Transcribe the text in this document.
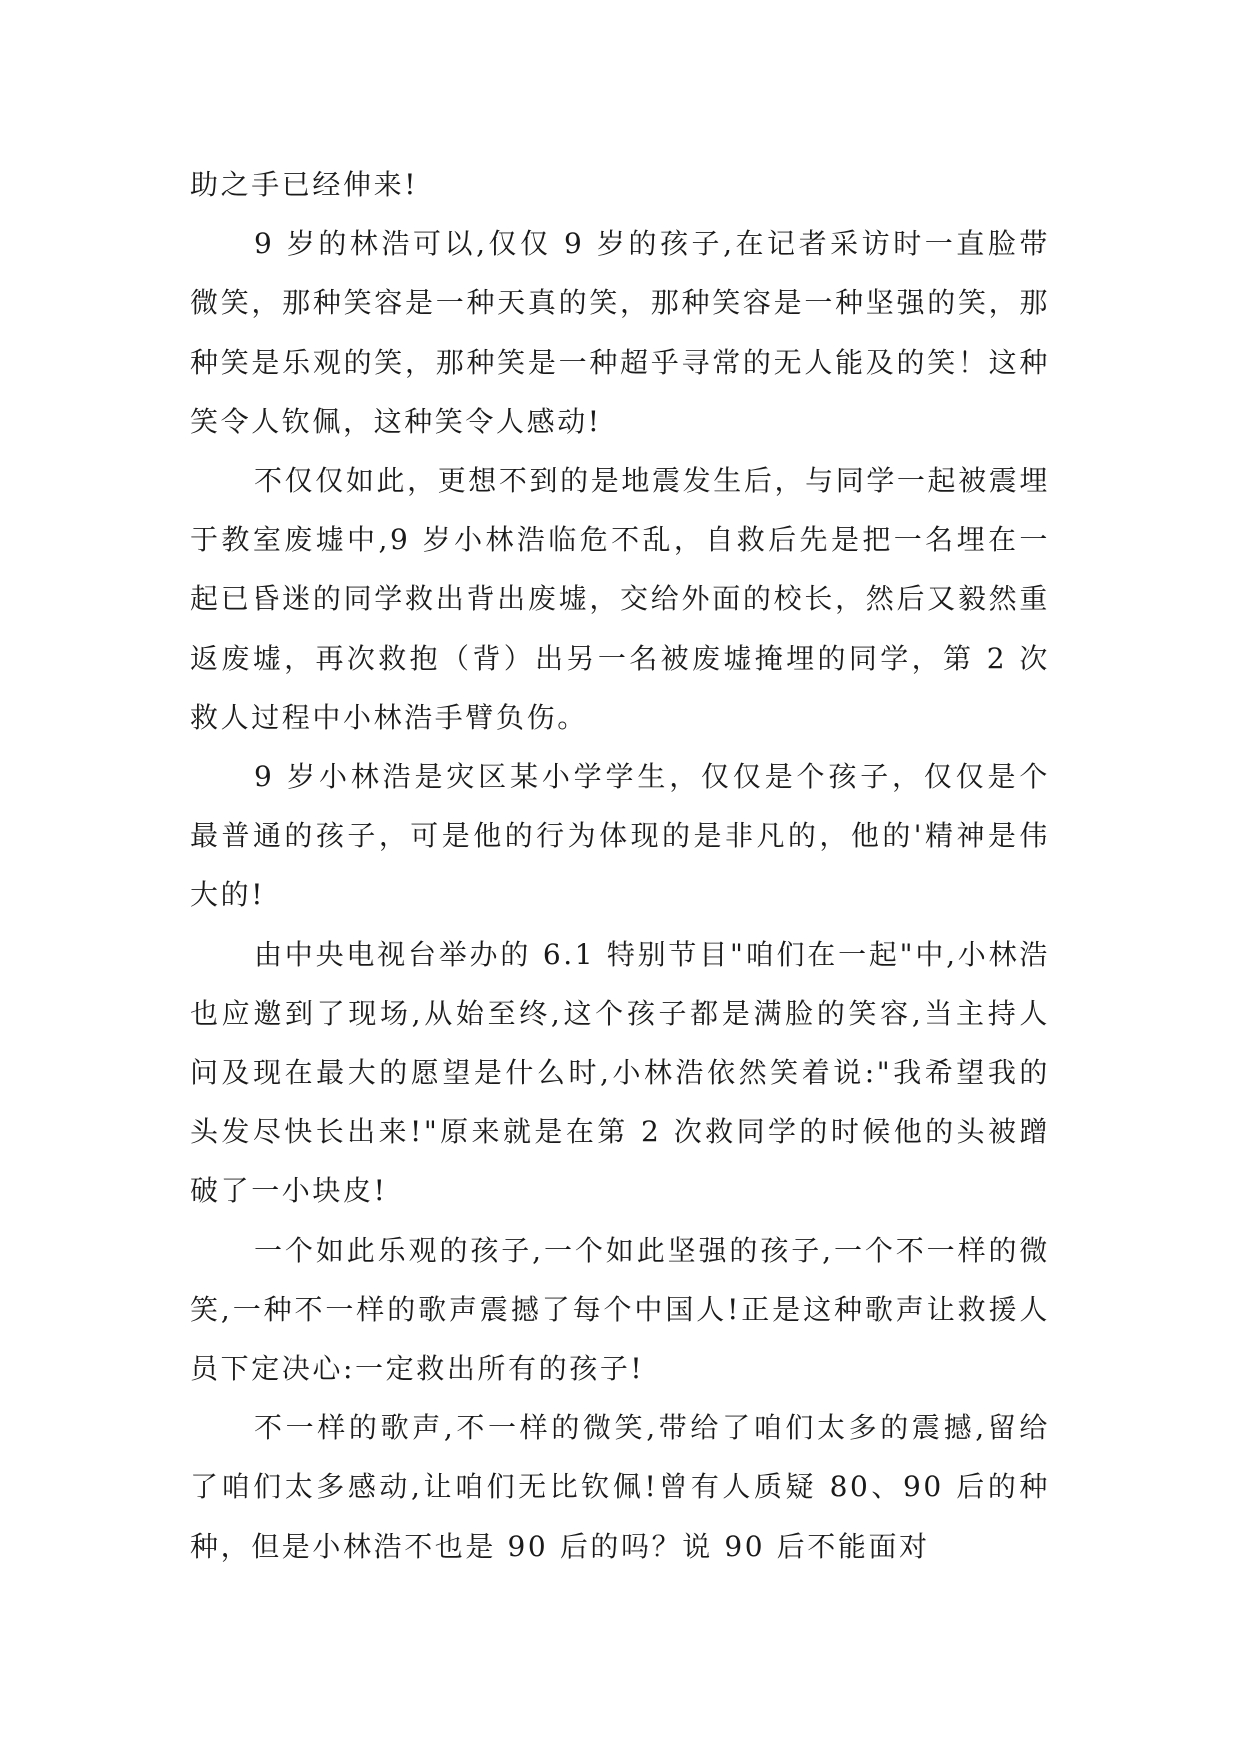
助之手已经伸来!

9 岁的林浩可以,仅仅 9 岁的孩子,在记者采访时一直脸带微笑，那种笑容是一种天真的笑，那种笑容是一种坚强的笑，那种笑是乐观的笑，那种笑是一种超乎寻常的无人能及的笑！这种笑令人钦佩，这种笑令人感动!

不仅仅如此，更想不到的是地震发生后，与同学一起被震埋于教室废墟中,9 岁小林浩临危不乱，自救后先是把一名埋在一起已昏迷的同学救出背出废墟，交给外面的校长，然后又毅然重返废墟，再次救抱（背）出另一名被废墟掩埋的同学，第 2 次救人过程中小林浩手臂负伤。

9 岁小林浩是灾区某小学学生，仅仅是个孩子，仅仅是个最普通的孩子，可是他的行为体现的是非凡的，他的'精神是伟大的!

由中央电视台举办的 6.1 特别节目"咱们在一起"中,小林浩也应邀到了现场,从始至终,这个孩子都是满脸的笑容,当主持人问及现在最大的愿望是什么时,小林浩依然笑着说:"我希望我的头发尽快长出来!"原来就是在第 2 次救同学的时候他的头被蹭破了一小块皮!

一个如此乐观的孩子,一个如此坚强的孩子,一个不一样的微笑,一种不一样的歌声震撼了每个中国人!正是这种歌声让救援人员下定决心:一定救出所有的孩子!

不一样的歌声,不一样的微笑,带给了咱们太多的震撼,留给了咱们太多感动,让咱们无比钦佩!曾有人质疑 80、90 后的种种，但是小林浩不也是 90 后的吗？说 90 后不能面对
